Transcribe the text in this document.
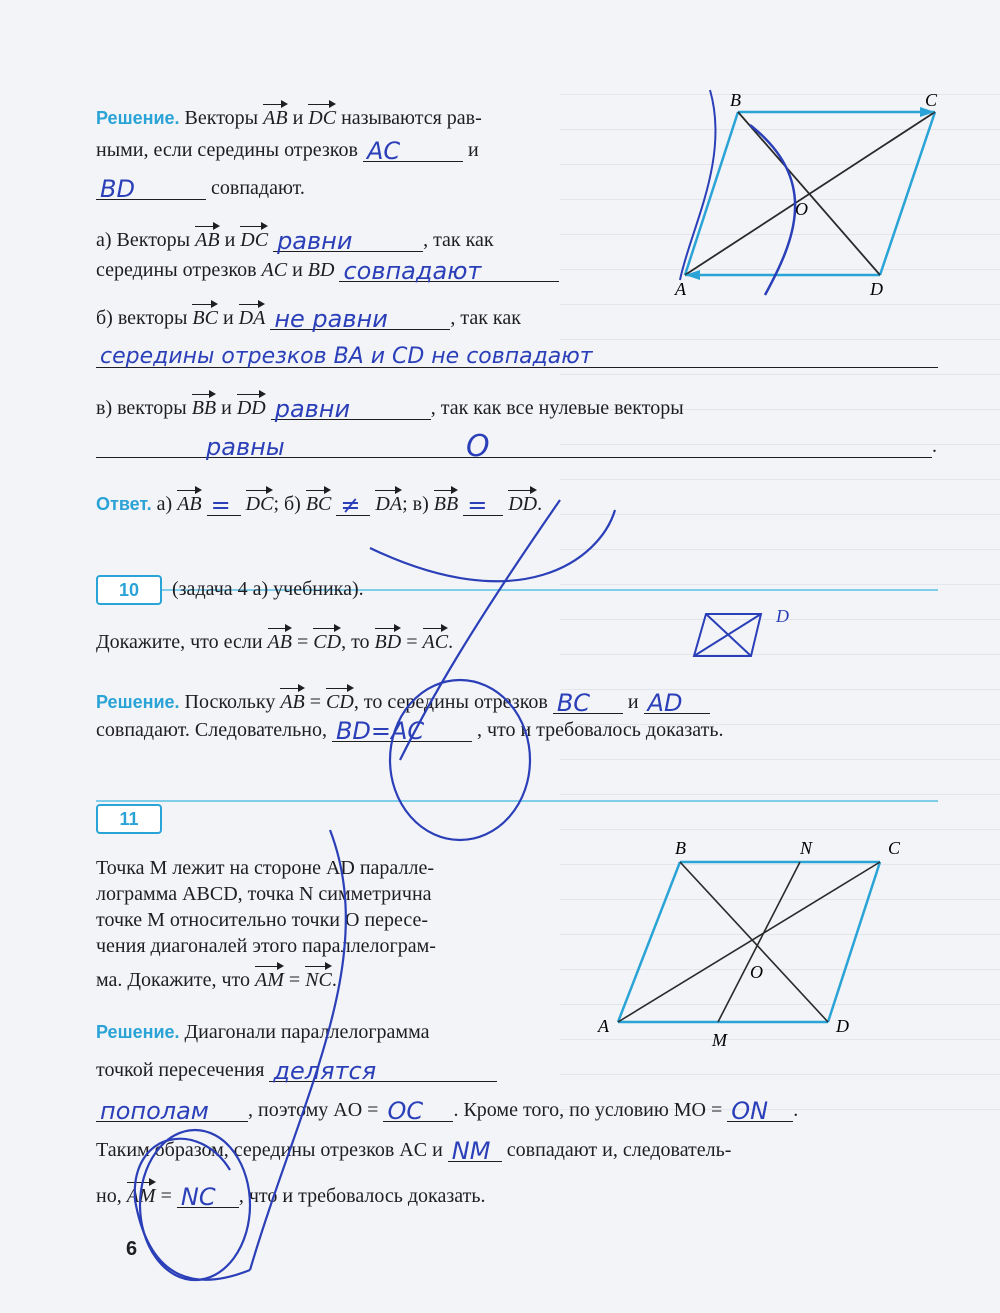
B	C
O
A	D
Решение. Векторы AB и DC называются рав-
ными, если середины отрезков AC	и
BD	совпадают.
а) Векторы AB и DC равни	, так как
середины отрезков AC и BD совпадают
б) векторы BC и DA не равни	, так как
середины отрезков BA и CD не совпадают
в) векторы BB и DD равни	, так как все нулевые векторы
равны	O	.
Ответ. а) AB = DC; б) BC ≠ DA; в) BB = DD.
10	(задача 4 а) учебника).
Докажите, что если AB = CD, то BD = AC.
D
Решение. Поскольку AB = CD, то середины отрезков BC и AD
совпадают. Следовательно, BD=AC	, что и требовалось доказать.
11
Точка M лежит на стороне AD паралле-
лограмма ABCD, точка N симметрична
точке M относительно точки O пересе-
чения диагоналей этого параллелограм-
ма. Докажите, что AM = NC.
B	N	C
O
A	D
M
Решение. Диагонали параллелограмма
точкой пересечения делятся
пополам , поэтому AO = OC . Кроме того, по условию MO = ON .
Таким образом, середины отрезков AC и NM совпадают и, следователь-
но, AM = NC , что и требовалось доказать.
6
